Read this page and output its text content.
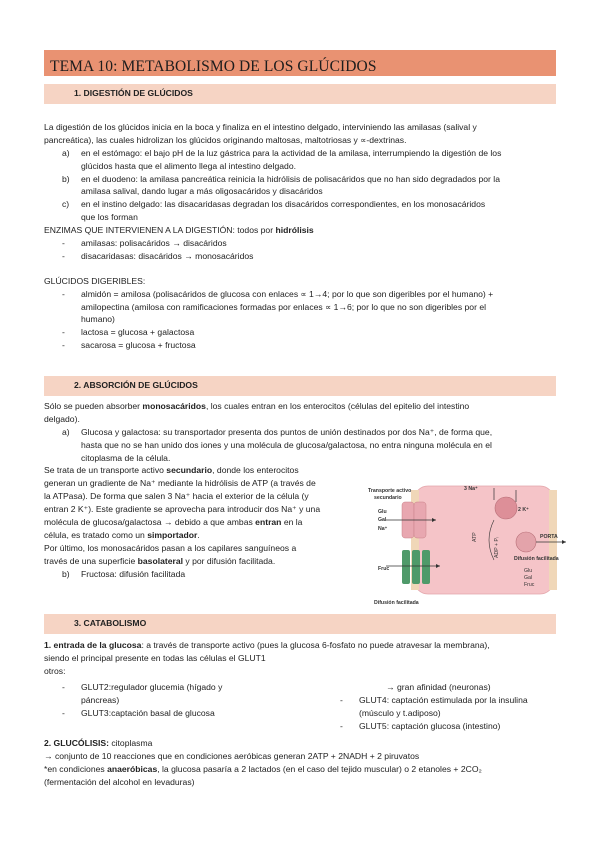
TEMA 10: METABOLISMO DE LOS GLÚCIDOS
1. DIGESTIÓN DE GLÚCIDOS
La digestión de los glúcidos inicia en la boca y finaliza en el intestino delgado, interviniendo las amilasas (salival y
pancreática), las cuales hidrolizan los glúcidos originando maltosas, maltotriosas y ∝-dextrinas.
a) en el estómago: el bajo pH de la luz gástrica para la actividad de la amilasa, interrumpiendo la digestión de los
glúcidos hasta que el alimento llega al intestino delgado.
b) en el duodeno: la amilasa pancreática reinicia la hidrólisis de polisacáridos que no han sido degradados por la
amilasa salival, dando lugar a más oligosacáridos y disacáridos
c) en el instino delgado: las disacaridasas degradan los disacáridos correspondientes, en los monosacáridos
que los forman
ENZIMAS QUE INTERVIENEN A LA DIGESTIÓN: todos por hidrólisis
- amilasas: polisacáridos → disacáridos
- disacaridasas: disacáridos → monosacáridos
GLÚCIDOS DIGERIBLES:
- almidón = amilosa (polisacáridos de glucosa con enlaces ∝ 1→4; por lo que son digeribles por el humano) +
amilopectina (amilosa con ramificaciones formadas por enlaces ∝ 1→6; por lo que no son digeribles por el
humano)
- lactosa = glucosa + galactosa
- sacarosa = glucosa + fructosa
2. ABSORCIÓN DE GLÚCIDOS
Sólo se pueden absorber monosacáridos, los cuales entran en los enterocitos (células del epitelio del intestino
delgado).
a) Glucosa y galactosa: su transportador presenta dos puntos de unión destinados por dos Na⁺, de forma que,
hasta que no se han unido dos iones y una molécula de glucosa/galactosa, no entra ninguna molécula en el
citoplasma de la célula.
Se trata de un transporte activo secundario, donde los enterocitos
generan un gradiente de Na⁺ mediante la hidrólisis de ATP (a través de
la ATPasa). De forma que salen 3 Na⁺ hacia el exterior de la célula (y
entran 2 K⁺). Este gradiente se aprovecha para introducir dos Na⁺ y una
molécula de glucosa/galactosa → debido a que ambas entran en la
célula, es tratado como un simportador.
Por último, los monosacáridos pasan a los capilares sanguíneos a
través de una superficie basolateral y por difusión facilitada.
b) Fructosa: difusión facilitada
Transporte activo
secundario
Glu
Gal
Na⁺
3 Na⁺
2 K⁺
ATP
ADP + Pᵢ
PORTA
Difusión facilitada
Fruc	Glu
Gal
Fruc
Difusión facilitada
3. CATABOLISMO
1. entrada de la glucosa: a través de transporte activo (pues la glucosa 6-fosfato no puede atravesar la membrana),
siendo el principal presente en todas las células el GLUT1
otros:
- GLUT2:regulador glucemia (hígado y
páncreas)
- GLUT3:captación basal de glucosa
→ gran afinidad (neuronas)
- GLUT4: captación estimulada por la insulina
(músculo y t.adiposo)
- GLUT5: captación glucosa (intestino)
2. GLUCÓLISIS: citoplasma
→ conjunto de 10 reacciones que en condiciones aeróbicas generan 2ATP + 2NADH + 2 piruvatos
*en condiciones anaeróbicas, la glucosa pasaría a 2 lactados (en el caso del tejido muscular) o 2 etanoles + 2CO₂
(fermentación del alcohol en levaduras)
